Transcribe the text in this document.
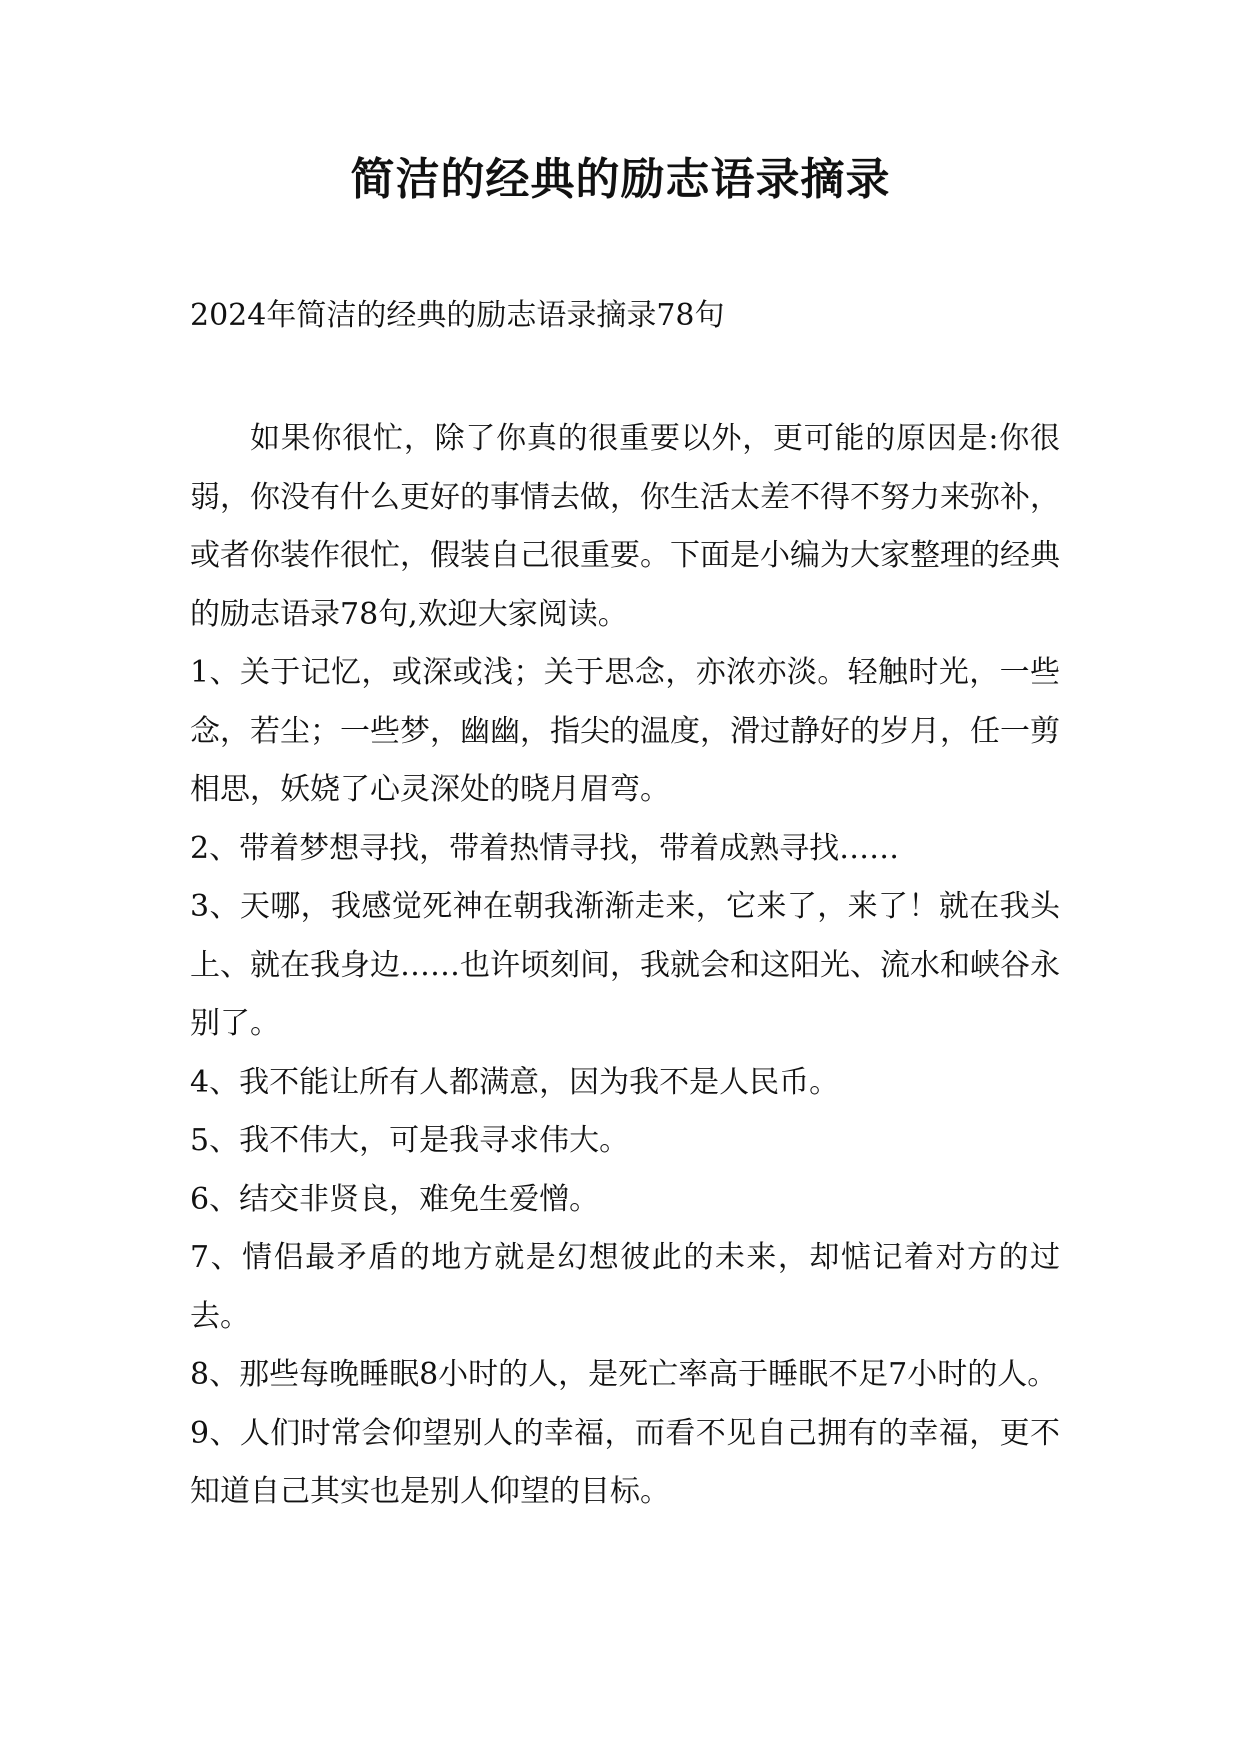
简洁的经典的励志语录摘录
2024年简洁的经典的励志语录摘录78句

如果你很忙，除了你真的很重要以外，更可能的原因是:你很弱，你没有什么更好的事情去做，你生活太差不得不努力来弥补，或者你装作很忙，假装自己很重要。下面是小编为大家整理的经典的励志语录78句,欢迎大家阅读。

1、关于记忆，或深或浅；关于思念，亦浓亦淡。轻触时光，一些念，若尘；一些梦，幽幽，指尖的温度，滑过静好的岁月，任一剪相思，妖娆了心灵深处的晓月眉弯。

2、带着梦想寻找，带着热情寻找，带着成熟寻找……

3、天哪，我感觉死神在朝我渐渐走来，它来了，来了！就在我头上、就在我身边……也许顷刻间，我就会和这阳光、流水和峡谷永别了。

4、我不能让所有人都满意，因为我不是人民币。

5、我不伟大，可是我寻求伟大。

6、结交非贤良，难免生爱憎。

7、情侣最矛盾的地方就是幻想彼此的未来，却惦记着对方的过去。

8、那些每晚睡眠8小时的人，是死亡率高于睡眠不足7小时的人。

9、人们时常会仰望别人的幸福，而看不见自己拥有的幸福，更不知道自己其实也是别人仰望的目标。
